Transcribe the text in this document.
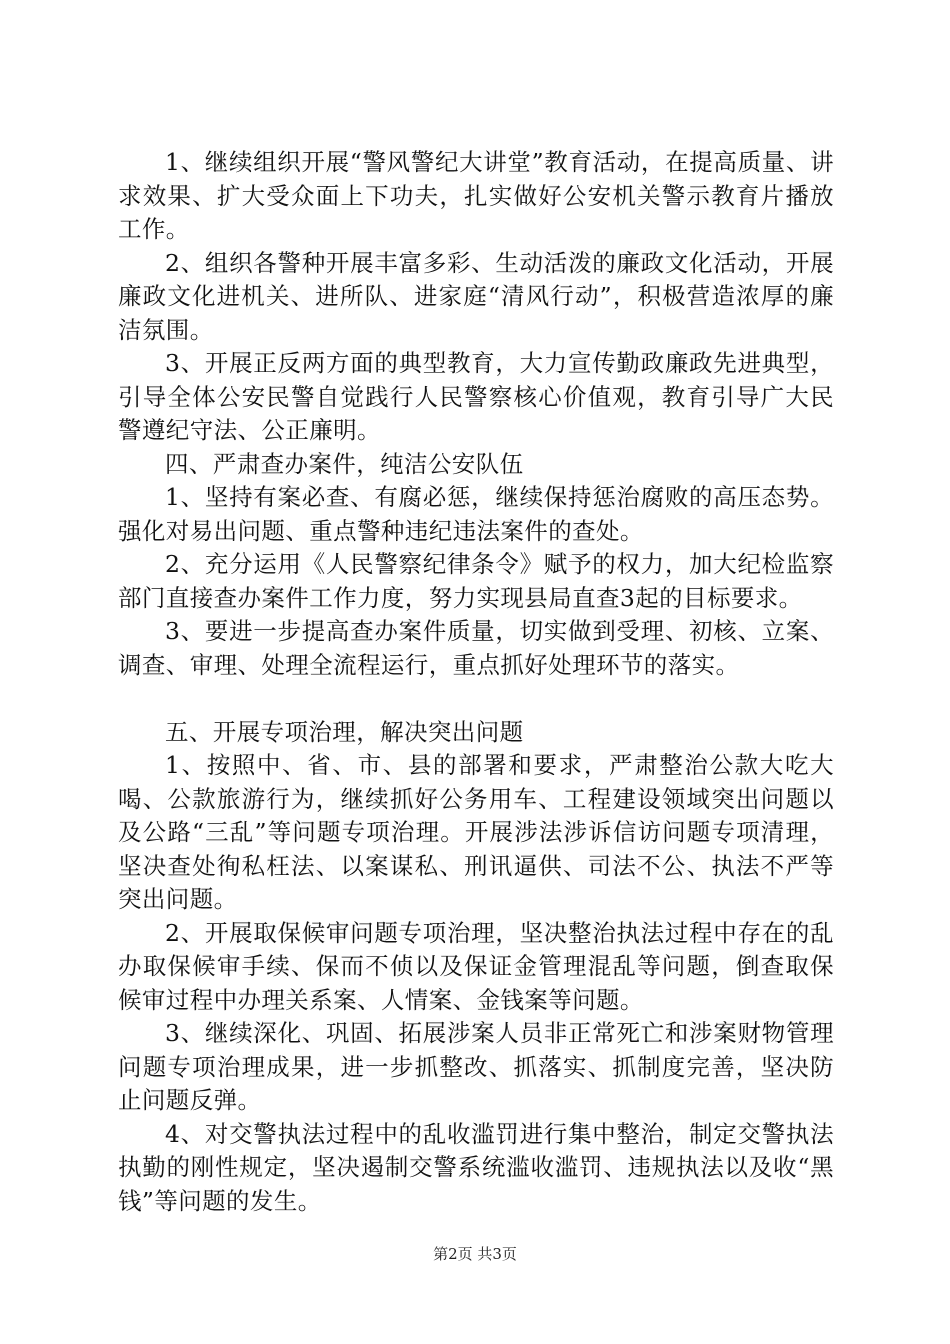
1、继续组织开展“警风警纪大讲堂”教育活动，在提高质量、讲求效果、扩大受众面上下功夫，扎实做好公安机关警示教育片播放工作。

2、组织各警种开展丰富多彩、生动活泼的廉政文化活动，开展廉政文化进机关、进所队、进家庭“清风行动”，积极营造浓厚的廉洁氛围。

3、开展正反两方面的典型教育，大力宣传勤政廉政先进典型，引导全体公安民警自觉践行人民警察核心价值观，教育引导广大民警遵纪守法、公正廉明。

四、严肃查办案件，纯洁公安队伍

1、坚持有案必查、有腐必惩，继续保持惩治腐败的高压态势。强化对易出问题、重点警种违纪违法案件的查处。

2、充分运用《人民警察纪律条令》赋予的权力，加大纪检监察部门直接查办案件工作力度，努力实现县局直查3起的目标要求。

3、要进一步提高查办案件质量，切实做到受理、初核、立案、调查、审理、处理全流程运行，重点抓好处理环节的落实。

五、开展专项治理，解决突出问题

1、按照中、省、市、县的部署和要求，严肃整治公款大吃大喝、公款旅游行为，继续抓好公务用车、工程建设领域突出问题以及公路“三乱”等问题专项治理。开展涉法涉诉信访问题专项清理，坚决查处徇私枉法、以案谋私、刑讯逼供、司法不公、执法不严等突出问题。

2、开展取保候审问题专项治理，坚决整治执法过程中存在的乱办取保候审手续、保而不侦以及保证金管理混乱等问题，倒查取保候审过程中办理关系案、人情案、金钱案等问题。

3、继续深化、巩固、拓展涉案人员非正常死亡和涉案财物管理问题专项治理成果，进一步抓整改、抓落实、抓制度完善，坚决防止问题反弹。

4、对交警执法过程中的乱收滥罚进行集中整治，制定交警执法执勤的刚性规定，坚决遏制交警系统滥收滥罚、违规执法以及收“黑钱”等问题的发生。

第2页 共3页
